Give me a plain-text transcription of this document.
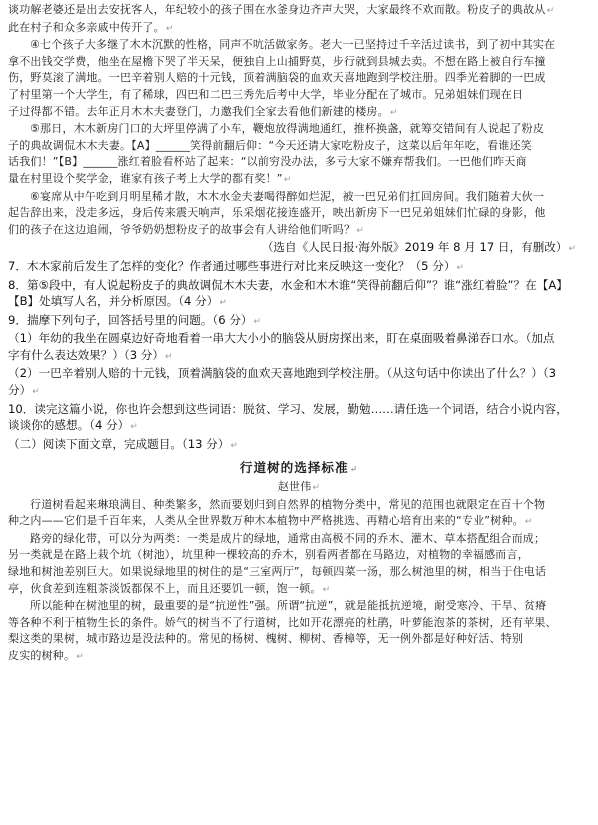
谈功解老婆还是出去安抚客人，年纪较小的孩子围在水釜身边齐声大哭，大家最终不欢而散。粉皮子的典故从↵
此在村子和众多亲戚中传开了。↵
④七个孩子大多继了木木沉默的性格，同声不吭活做家务。老大一已坚持过千辛活过读书，到了初中其实在
拿不出钱交学费，他坐在屋檐下哭了半天呆，便独自上山捕野莫，步行就到县城去卖。不想在路上被自行车撞
伤，野莫滚了满地。一巴辛着别人赔的十元钱，顶着满脑袋的血欢天喜地跑到学校注册。四季光着脚的一巴成
了村里第一个大学生，有了稀球，四巴和二巴三秀先后考中大学，毕业分配在了城市。兄弟姐妹们现在日
子过得都不错。去年正月木木夫妻登门，力邀我们全家去看他们新建的楼房。↵
⑤那日，木木新房门口的大坪里停满了小车，鞭炮放得满地通红，推杯换盏，就筹交错间有人说起了粉皮
子的典故调侃木木夫妻。【A】______笑得前翻后仰：“今天还请大家吃粉皮子，这菜以后年年吃，看谁还笑
话我们！”【B】______涨红着脸看杯站了起来：“以前穷没办法，多亏大家不嫌弃帮我们。一巴他们昨天商
量在村里设个奖学金，谁家有孩子考上大学的都有奖！”↵
⑥宴席从中午吃到月明星稀才散，木木水金夫妻喝得醉如烂泥，被一巴兄弟们扛回房间。我们随着大伙一
起告辞出来，没走多远，身后传来震天响声，乐采烟花接连盛开，映出新房下一巴兄弟姐妹们忙碌的身影，他
们的孩子在这边追闹，爷爷奶奶想粉皮子的故事会有人讲给他们听吗？↵
（选自《人民日报·海外版》2019 年 8 月 17 日，有删改）↵
7．木木家前后发生了怎样的变化？作者通过哪些事进行对比来反映这一变化？（5 分）↵
8．第⑤段中，有人说起粉皮子的典故调侃木木夫妻，水金和木木谁“笑得前翻后仰”？谁“涨红着脸”？在【A】
【B】处填写人名，并分析原因。（4 分）↵
9．揣摩下列句子，回答括号里的问题。（6 分）↵
（1）年幼的我坐在圆桌边好奇地看着一串大大小小的脑袋从厨房探出来，盯在桌面吸着鼻涕吞口水。（加点
字有什么表达效果？）（3 分）↵
（2）一巴辛着别人赔的十元钱，顶着满脑袋的血欢天喜地跑到学校注册。（从这句话中你读出了什么？）（3
分）↵
10．读完这篇小说，你也许会想到这些词语：脱贫、学习、发展，勤勉……请任选一个词语，结合小说内容，
谈谈你的感想。（4 分）↵
（二）阅读下面文章，完成题目。（13 分）↵
行道树的选择标准↵
赵世伟↵
行道树看起来琳琅满目、种类繁多，然而要划归到自然界的植物分类中，常见的范围也就限定在百十个物
种之内——它们是千百年来，人类从全世界数万种木本植物中严格挑选、再精心培育出来的“专业”树种。↵
路旁的绿化带，可以分为两类：一类是成片的绿地，通常由高极不同的乔木、灌木、草本搭配组合而成；
另一类就是在路上栽个坑（树池），坑里种一棵较高的乔木，别看两者都在马路边，对植物的幸福感而言，
绿地和树池差别巨大。如果说绿地里的树住的是“三室两厅”，每顿四菜一汤，那么树池里的树，相当于住电话
亭，伙食差到连粗茶淡饭都保不上，而且还要饥一顿，饱一顿。↵
所以能种在树池里的树，最重要的是“抗逆性”强。所谓“抗逆”，就是能抵抗逆境，耐受寒冷、干旱、贫瘠
等各种不利于植物生长的条件。娇气的树当不了行道树，比如开花漂亮的杜鹃，叶萝能泡茶的茶树，还有苹果、
梨这类的果树，城市路边是没法种的。常见的杨树、槐树、柳树、香樟等，无一例外都是好种好活、特别
皮实的树种。↵
